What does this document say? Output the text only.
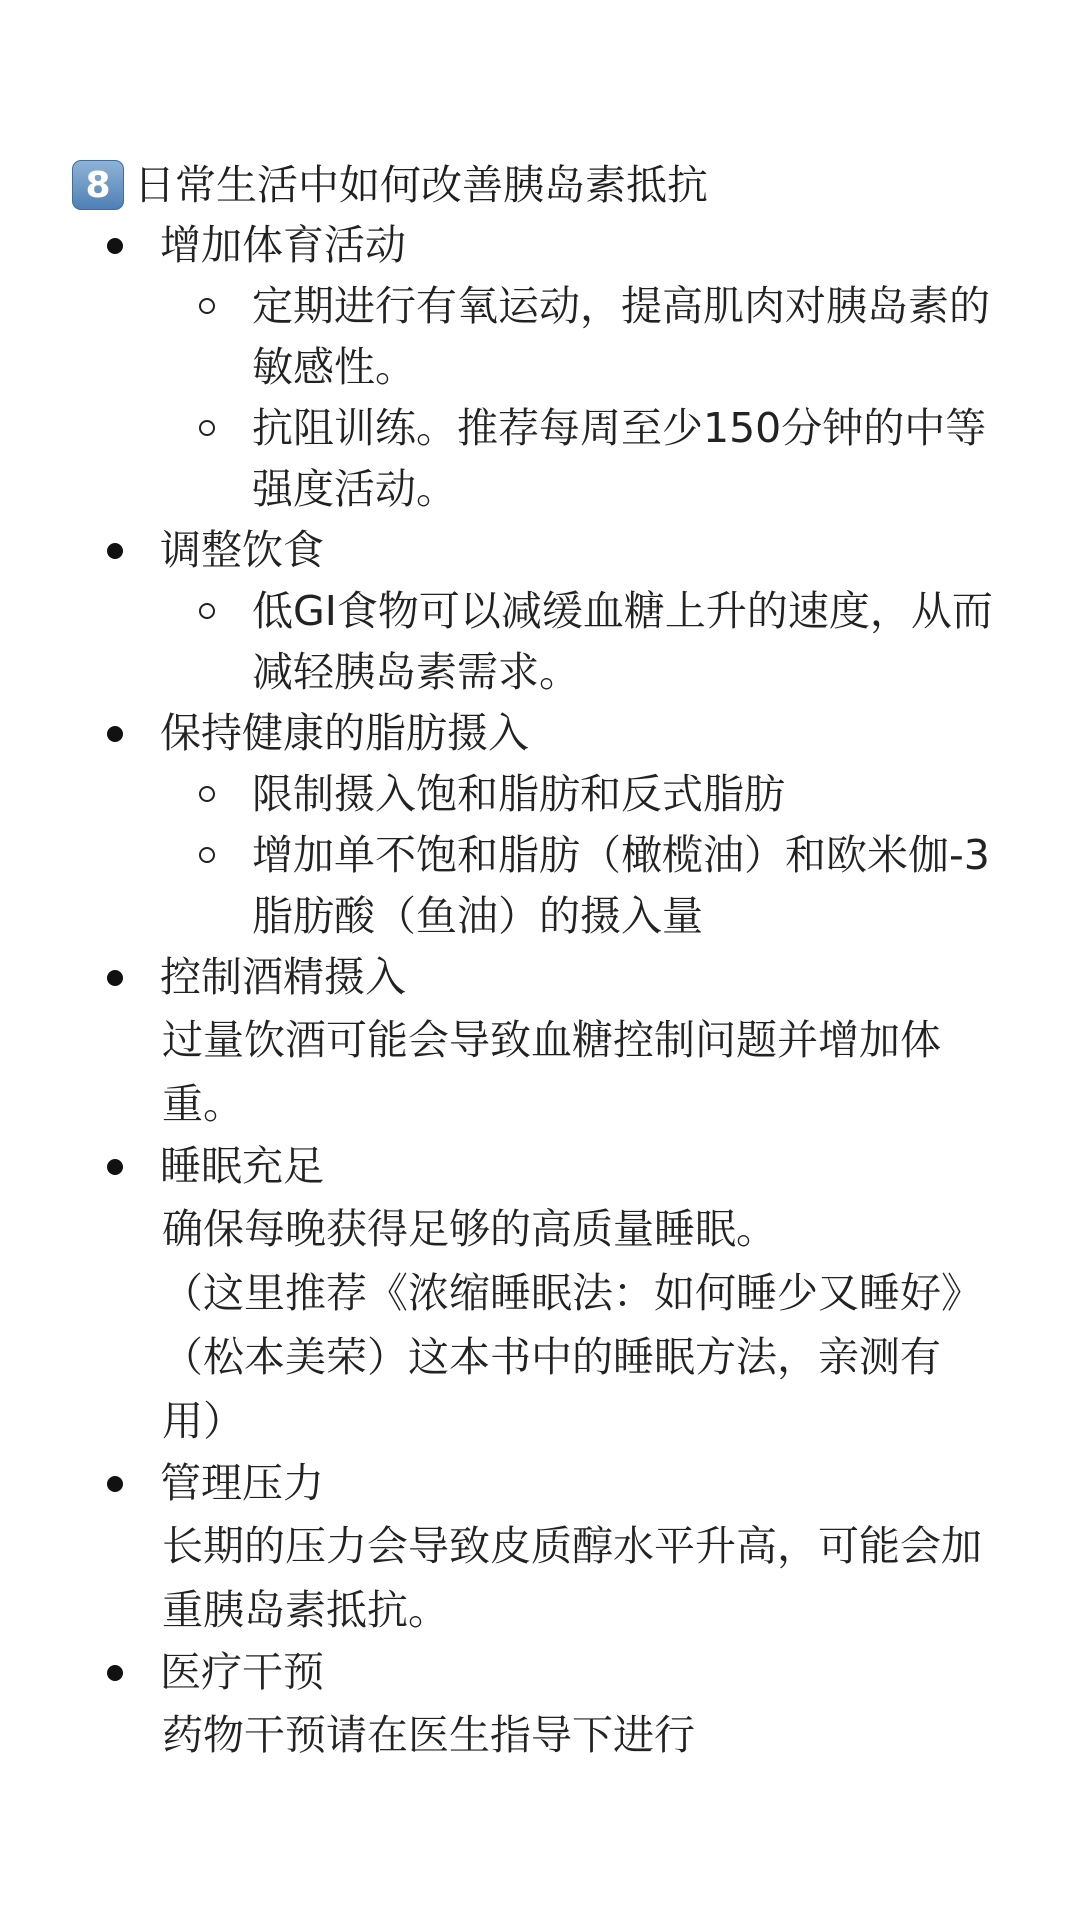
8 日常生活中如何改善胰岛素抵抗
增加体育活动
定期进行有氧运动，提高肌肉对胰岛素的敏感性。
抗阻训练。推荐每周至少150分钟的中等强度活动。
调整饮食
低GI食物可以减缓血糖上升的速度，从而减轻胰岛素需求。
保持健康的脂肪摄入
限制摄入饱和脂肪和反式脂肪
增加单不饱和脂肪（橄榄油）和欧米伽-3脂肪酸（鱼油）的摄入量
控制酒精摄入
过量饮酒可能会导致血糖控制问题并增加体重。
睡眠充足
确保每晚获得足够的高质量睡眠。
（这里推荐《浓缩睡眠法：如何睡少又睡好》（松本美荣）这本书中的睡眠方法，亲测有用）
管理压力
长期的压力会导致皮质醇水平升高，可能会加重胰岛素抵抗。
医疗干预
药物干预请在医生指导下进行
